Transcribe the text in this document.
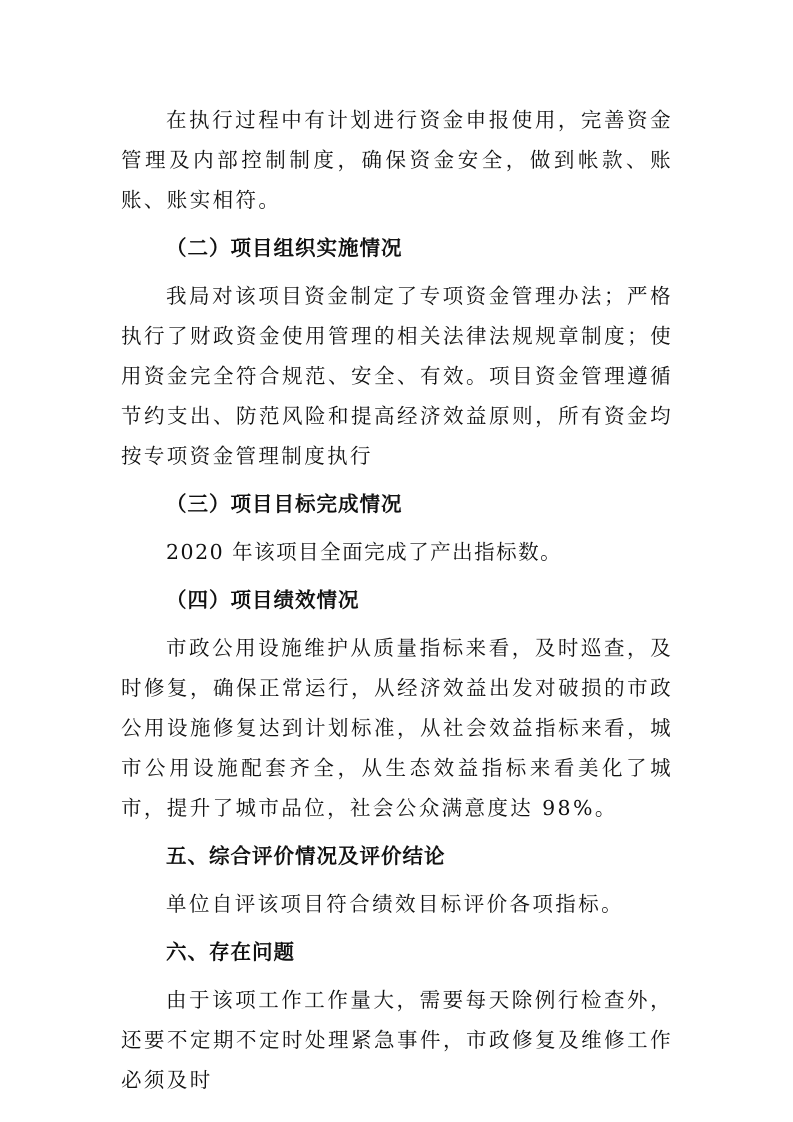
在执行过程中有计划进行资金申报使用，完善资金管理及内部控制制度，确保资金安全，做到帐款、账账、账实相符。

（二）项目组织实施情况

我局对该项目资金制定了专项资金管理办法；严格执行了财政资金使用管理的相关法律法规规章制度；使用资金完全符合规范、安全、有效。项目资金管理遵循节约支出、防范风险和提高经济效益原则，所有资金均按专项资金管理制度执行

（三）项目目标完成情况

2020 年该项目全面完成了产出指标数。

（四）项目绩效情况

市政公用设施维护从质量指标来看，及时巡查，及时修复，确保正常运行，从经济效益出发对破损的市政公用设施修复达到计划标准，从社会效益指标来看，城市公用设施配套齐全，从生态效益指标来看美化了城市，提升了城市品位，社会公众满意度达 98%。

五、综合评价情况及评价结论

单位自评该项目符合绩效目标评价各项指标。

六、存在问题

由于该项工作工作量大，需要每天除例行检查外，还要不定期不定时处理紧急事件，市政修复及维修工作必须及时
